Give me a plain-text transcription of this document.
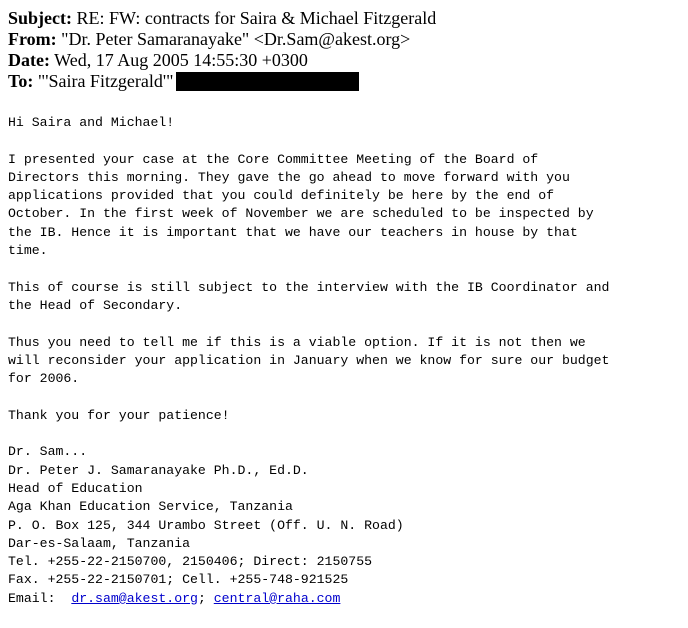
Subject: RE: FW: contracts for Saira & Michael Fitzgerald
From: "Dr. Peter Samaranayake" <Dr.Sam@akest.org>
Date: Wed, 17 Aug 2005 14:55:30 +0300
To: "'Saira Fitzgerald'"
Hi Saira and Michael!
I presented your case at the Core Committee Meeting of the Board of
Directors this morning. They gave the go ahead to move forward with you
applications provided that you could definitely be here by the end of
October. In the first week of November we are scheduled to be inspected by
the IB. Hence it is important that we have our teachers in house by that
time.
This of course is still subject to the interview with the IB Coordinator and
the Head of Secondary.
Thus you need to tell me if this is a viable option. If it is not then we
will reconsider your application in January when we know for sure our budget
for 2006.
Thank you for your patience!
Dr. Sam...
Dr. Peter J. Samaranayake Ph.D., Ed.D.
Head of Education
Aga Khan Education Service, Tanzania
P. O. Box 125, 344 Urambo Street (Off. U. N. Road)
Dar-es-Salaam, Tanzania
Tel. +255-22-2150700, 2150406; Direct: 2150755
Fax. +255-22-2150701; Cell. +255-748-921525
Email:  dr.sam@akest.org; central@raha.com
